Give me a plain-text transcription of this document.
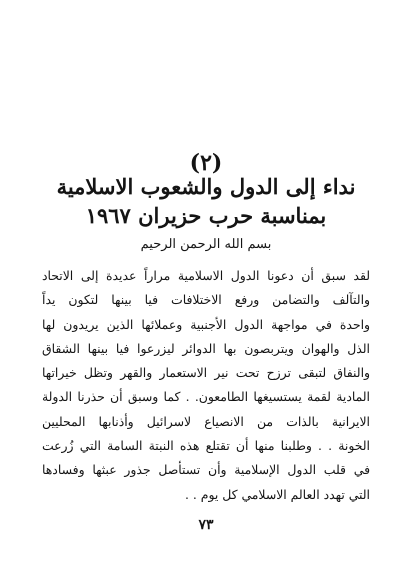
(٢)
نداء إلى الدول والشعوب الاسلامية
بمناسبة حرب حزيران ١٩٦٧
بسم الله الرحمن الرحيم
لقد سبق أن دعونا الدول الاسلامية مراراً عديدة إلى الاتحاد
والتآلف والتضامن ورفع الاختلافات فيا بينها لتكون يداً
واحدة في مواجهة الدول الأجنبية وعملائها الذين يريدون لها
الذل والهوان ويتربصون بها الدوائر ليزرعوا فيا بينها الشقاق
والنفاق لتبقى ترزح تحت نير الاستعمار والقهر وتظل خيراتها
المادية لقمة يستسيغها الطامعون. . كما وسبق أن حذرنا الدولة
الايرانية بالذات من الانصياع لاسرائيل وأذنابها المحليين
الخونة . . وطلبنا منها أن تقتلع هذه النبتة السامة التي زُرعت
في قلب الدول الإسلامية وأن تستأصل جذور عبثها وفسادها
التي تهدد العالم الاسلامي كل يوم . .
٧٣
